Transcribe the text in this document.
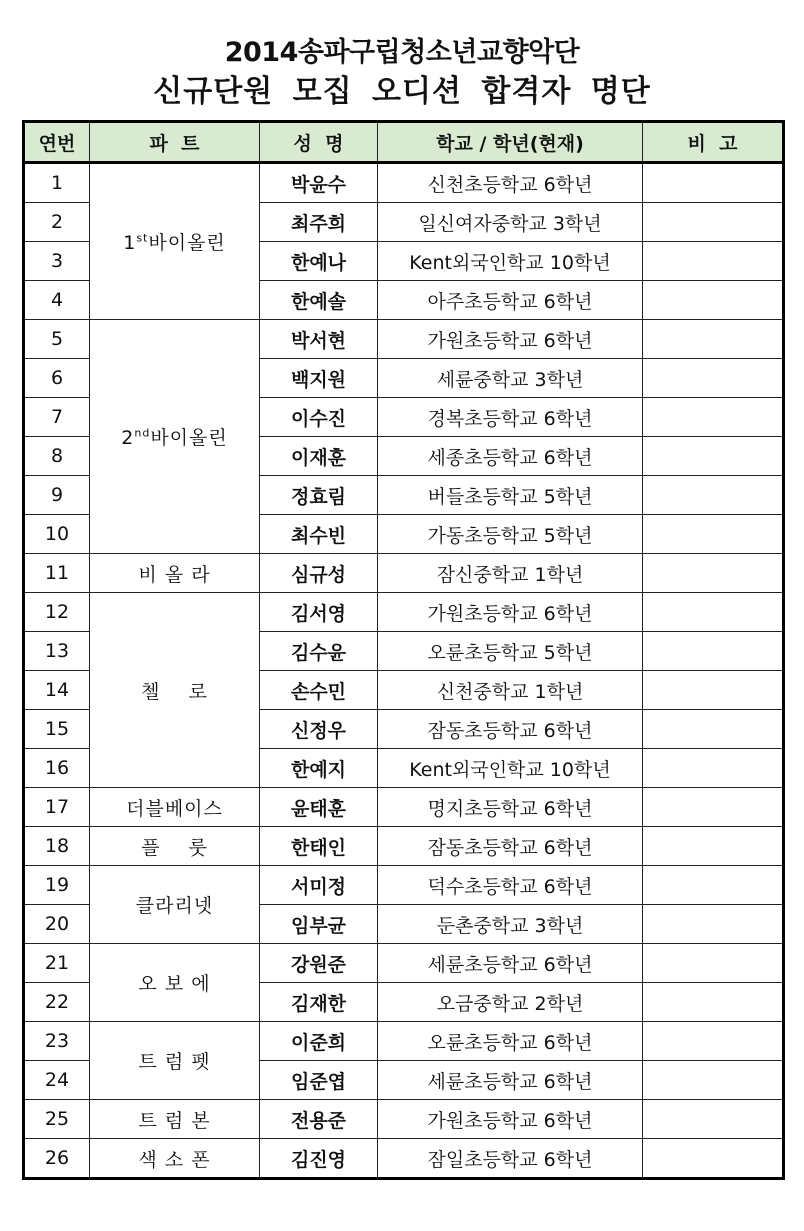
2014송파구립청소년교향악단
신규단원 모집 오디션 합격자 명단
연번	파  트	성  명	학교 / 학년(현재)	비  고
1	1st바이올린	박윤수	신천초등학교 6학년	
2		최주희	일신여자중학교 3학년	
3		한예나	Kent외국인학교 10학년	
4		한예솔	아주초등학교 6학년	
5	2nd바이올린	박서현	가원초등학교 6학년	
6		백지원	세륜중학교 3학년	
7		이수진	경복초등학교 6학년	
8		이재훈	세종초등학교 6학년	
9		정효림	버들초등학교 5학년	
10		최수빈	가동초등학교 5학년	
11	비 올 라	심규성	잠신중학교 1학년	
12	첼    로	김서영	가원초등학교 6학년	
13		김수윤	오륜초등학교 5학년	
14		손수민	신천중학교 1학년	
15		신정우	잠동초등학교 6학년	
16		한예지	Kent외국인학교 10학년	
17	더블베이스	윤태훈	명지초등학교 6학년	
18	플    룻	한태인	잠동초등학교 6학년	
19	클라리넷	서미정	덕수초등학교 6학년	
20		임부균	둔촌중학교 3학년	
21	오 보 에	강원준	세륜초등학교 6학년	
22		김재한	오금중학교 2학년	
23	트 럼 펫	이준희	오륜초등학교 6학년	
24		임준엽	세륜초등학교 6학년	
25	트 럼 본	전용준	가원초등학교 6학년	
26	색 소 폰	김진영	잠일초등학교 6학년	
